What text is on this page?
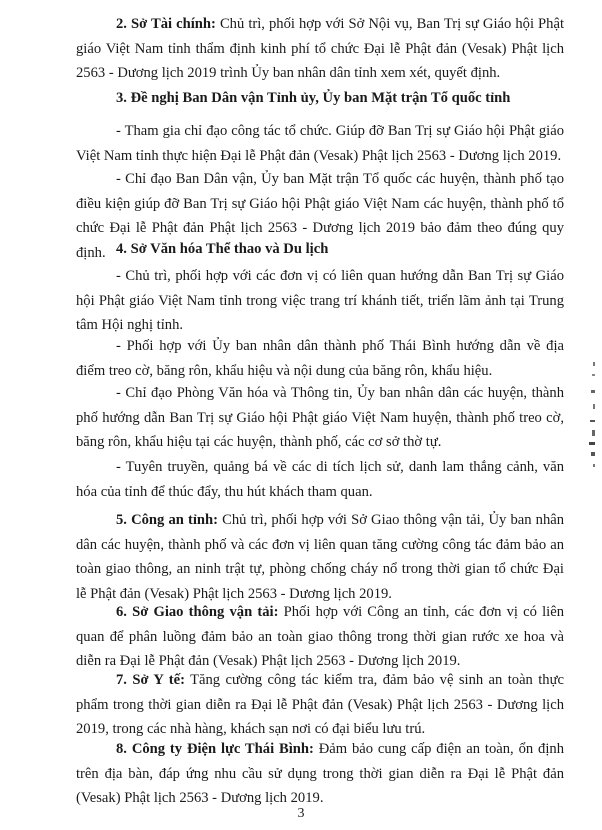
2. Sở Tài chính: Chủ trì, phối hợp với Sở Nội vụ, Ban Trị sự Giáo hội Phật giáo Việt Nam tỉnh thẩm định kinh phí tổ chức Đại lễ Phật đản (Vesak) Phật lịch 2563 - Dương lịch 2019 trình Ủy ban nhân dân tỉnh xem xét, quyết định.
3. Đề nghị Ban Dân vận Tỉnh ủy, Ủy ban Mặt trận Tổ quốc tỉnh
- Tham gia chỉ đạo công tác tổ chức. Giúp đỡ Ban Trị sự Giáo hội Phật giáo Việt Nam tỉnh thực hiện Đại lễ Phật đản (Vesak) Phật lịch 2563 - Dương lịch 2019.
- Chỉ đạo Ban Dân vận, Ủy ban Mặt trận Tổ quốc các huyện, thành phố tạo điều kiện giúp đỡ Ban Trị sự Giáo hội Phật giáo Việt Nam các huyện, thành phố tổ chức Đại lễ Phật đản Phật lịch 2563 - Dương lịch 2019 bảo đảm theo đúng quy định. 4. Sở Văn hóa Thể thao và Du lịch
- Chủ trì, phối hợp với các đơn vị có liên quan hướng dẫn Ban Trị sự Giáo hội Phật giáo Việt Nam tỉnh trong việc trang trí khánh tiết, triển lãm ảnh tại Trung tâm Hội nghị tỉnh.
- Phối hợp với Ủy ban nhân dân thành phố Thái Bình hướng dẫn về địa điểm treo cờ, băng rôn, khẩu hiệu và nội dung của băng rôn, khẩu hiệu.
- Chỉ đạo Phòng Văn hóa và Thông tin, Ủy ban nhân dân các huyện, thành phố hướng dẫn Ban Trị sự Giáo hội Phật giáo Việt Nam huyện, thành phố treo cờ, băng rôn, khẩu hiệu tại các huyện, thành phố, các cơ sở thờ tự.
- Tuyên truyền, quảng bá về các di tích lịch sử, danh lam thắng cảnh, văn hóa của tỉnh để thúc đẩy, thu hút khách tham quan.
5. Công an tỉnh: Chủ trì, phối hợp với Sở Giao thông vận tải, Ủy ban nhân dân các huyện, thành phố và các đơn vị liên quan tăng cường công tác đảm bảo an toàn giao thông, an ninh trật tự, phòng chống cháy nổ trong thời gian tổ chức Đại lễ Phật đản (Vesak) Phật lịch 2563 - Dương lịch 2019.
6. Sở Giao thông vận tải: Phối hợp với Công an tỉnh, các đơn vị có liên quan để phân luồng đảm bảo an toàn giao thông trong thời gian rước xe hoa và diễn ra Đại lễ Phật đản (Vesak) Phật lịch 2563 - Dương lịch 2019.
7. Sở Y tế: Tăng cường công tác kiểm tra, đảm bảo vệ sinh an toàn thực phẩm trong thời gian diễn ra Đại lễ Phật đản (Vesak) Phật lịch 2563 - Dương lịch 2019, trong các nhà hàng, khách sạn nơi có đại biểu lưu trú.
8. Công ty Điện lực Thái Bình: Đảm bảo cung cấp điện an toàn, ổn định trên địa bàn, đáp ứng nhu cầu sử dụng trong thời gian diễn ra Đại lễ Phật đản (Vesak) Phật lịch 2563 - Dương lịch 2019.
3
